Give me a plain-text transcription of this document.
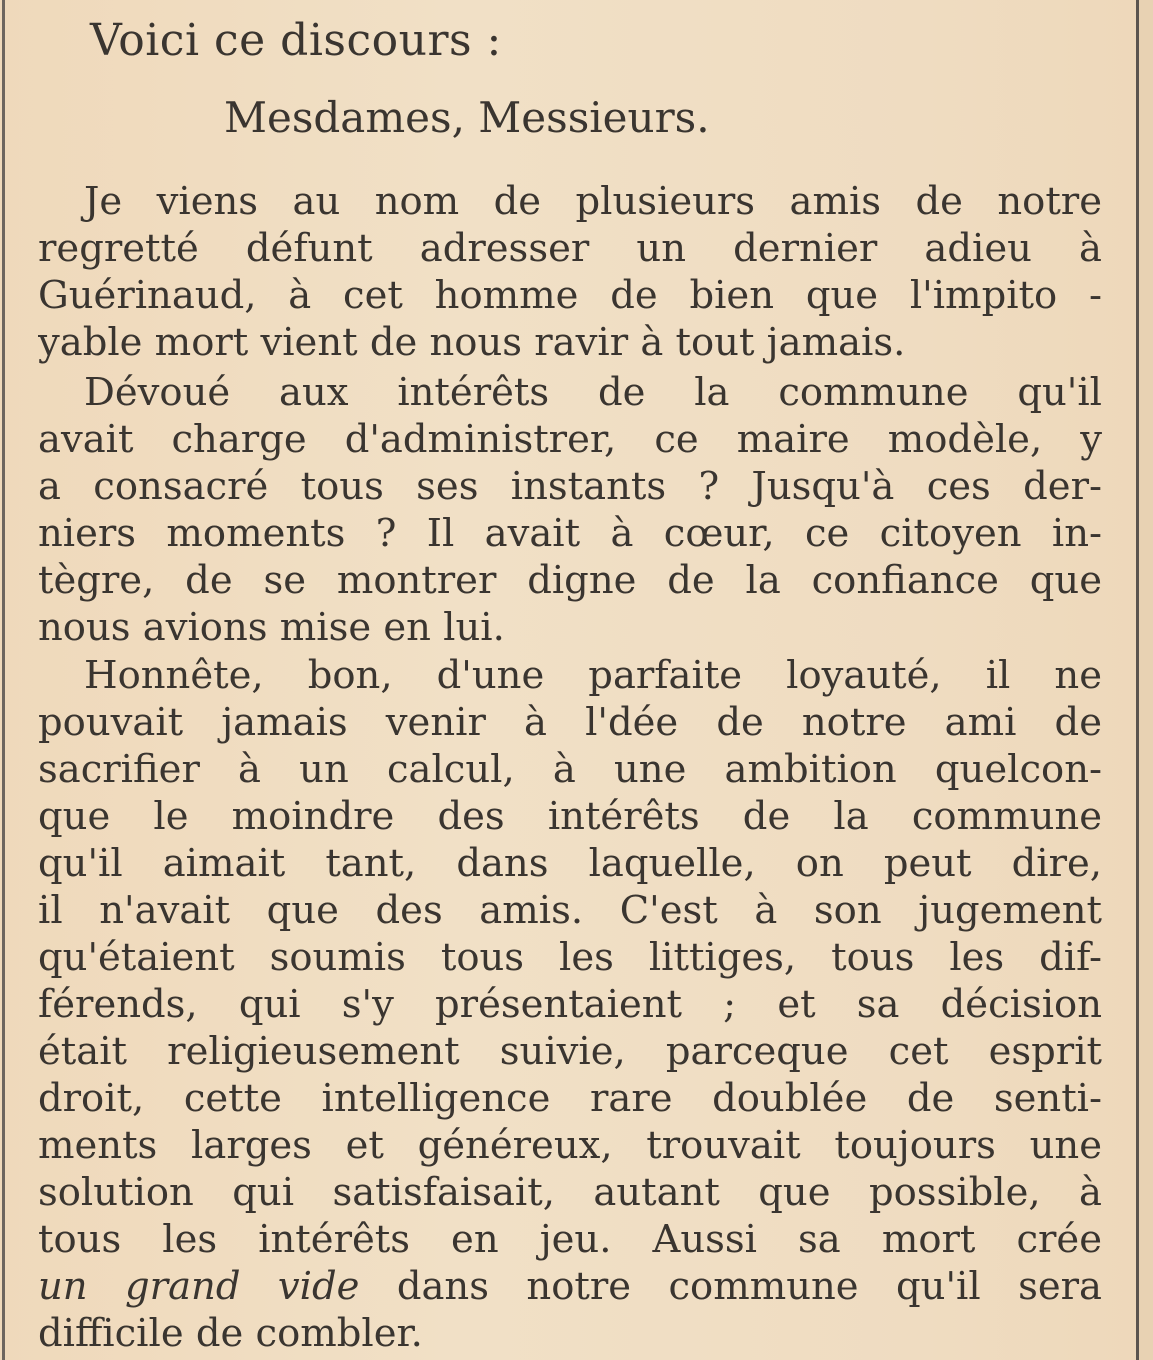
Voici ce discours :
Mesdames, Messieurs.
Je viens au nom de plusieurs amis de notre
regretté défunt adresser un dernier adieu à
Guérinaud, à cet homme de bien que l'impito -
yable mort vient de nous ravir à tout jamais.
Dévoué aux intérêts de la commune qu'il
avait charge d'administrer, ce maire modèle, y
a consacré tous ses instants ? Jusqu'à ces der-
niers moments ? Il avait à cœur, ce citoyen in-
tègre, de se montrer digne de la confiance que
nous avions mise en lui.
Honnête, bon, d'une parfaite loyauté, il ne
pouvait jamais venir à l'dée de notre ami de
sacrifier à un calcul, à une ambition quelcon-
que le moindre des intérêts de la commune
qu'il aimait tant, dans laquelle, on peut dire,
il n'avait que des amis. C'est à son jugement
qu'étaient soumis tous les littiges, tous les dif-
férends, qui s'y présentaient ; et sa décision
était religieusement suivie, parceque cet esprit
droit, cette intelligence rare doublée de senti-
ments larges et généreux, trouvait toujours une
solution qui satisfaisait, autant que possible, à
tous les intérêts en jeu. Aussi sa mort crée
un grand vide dans notre commune qu'il sera
difficile de combler.
